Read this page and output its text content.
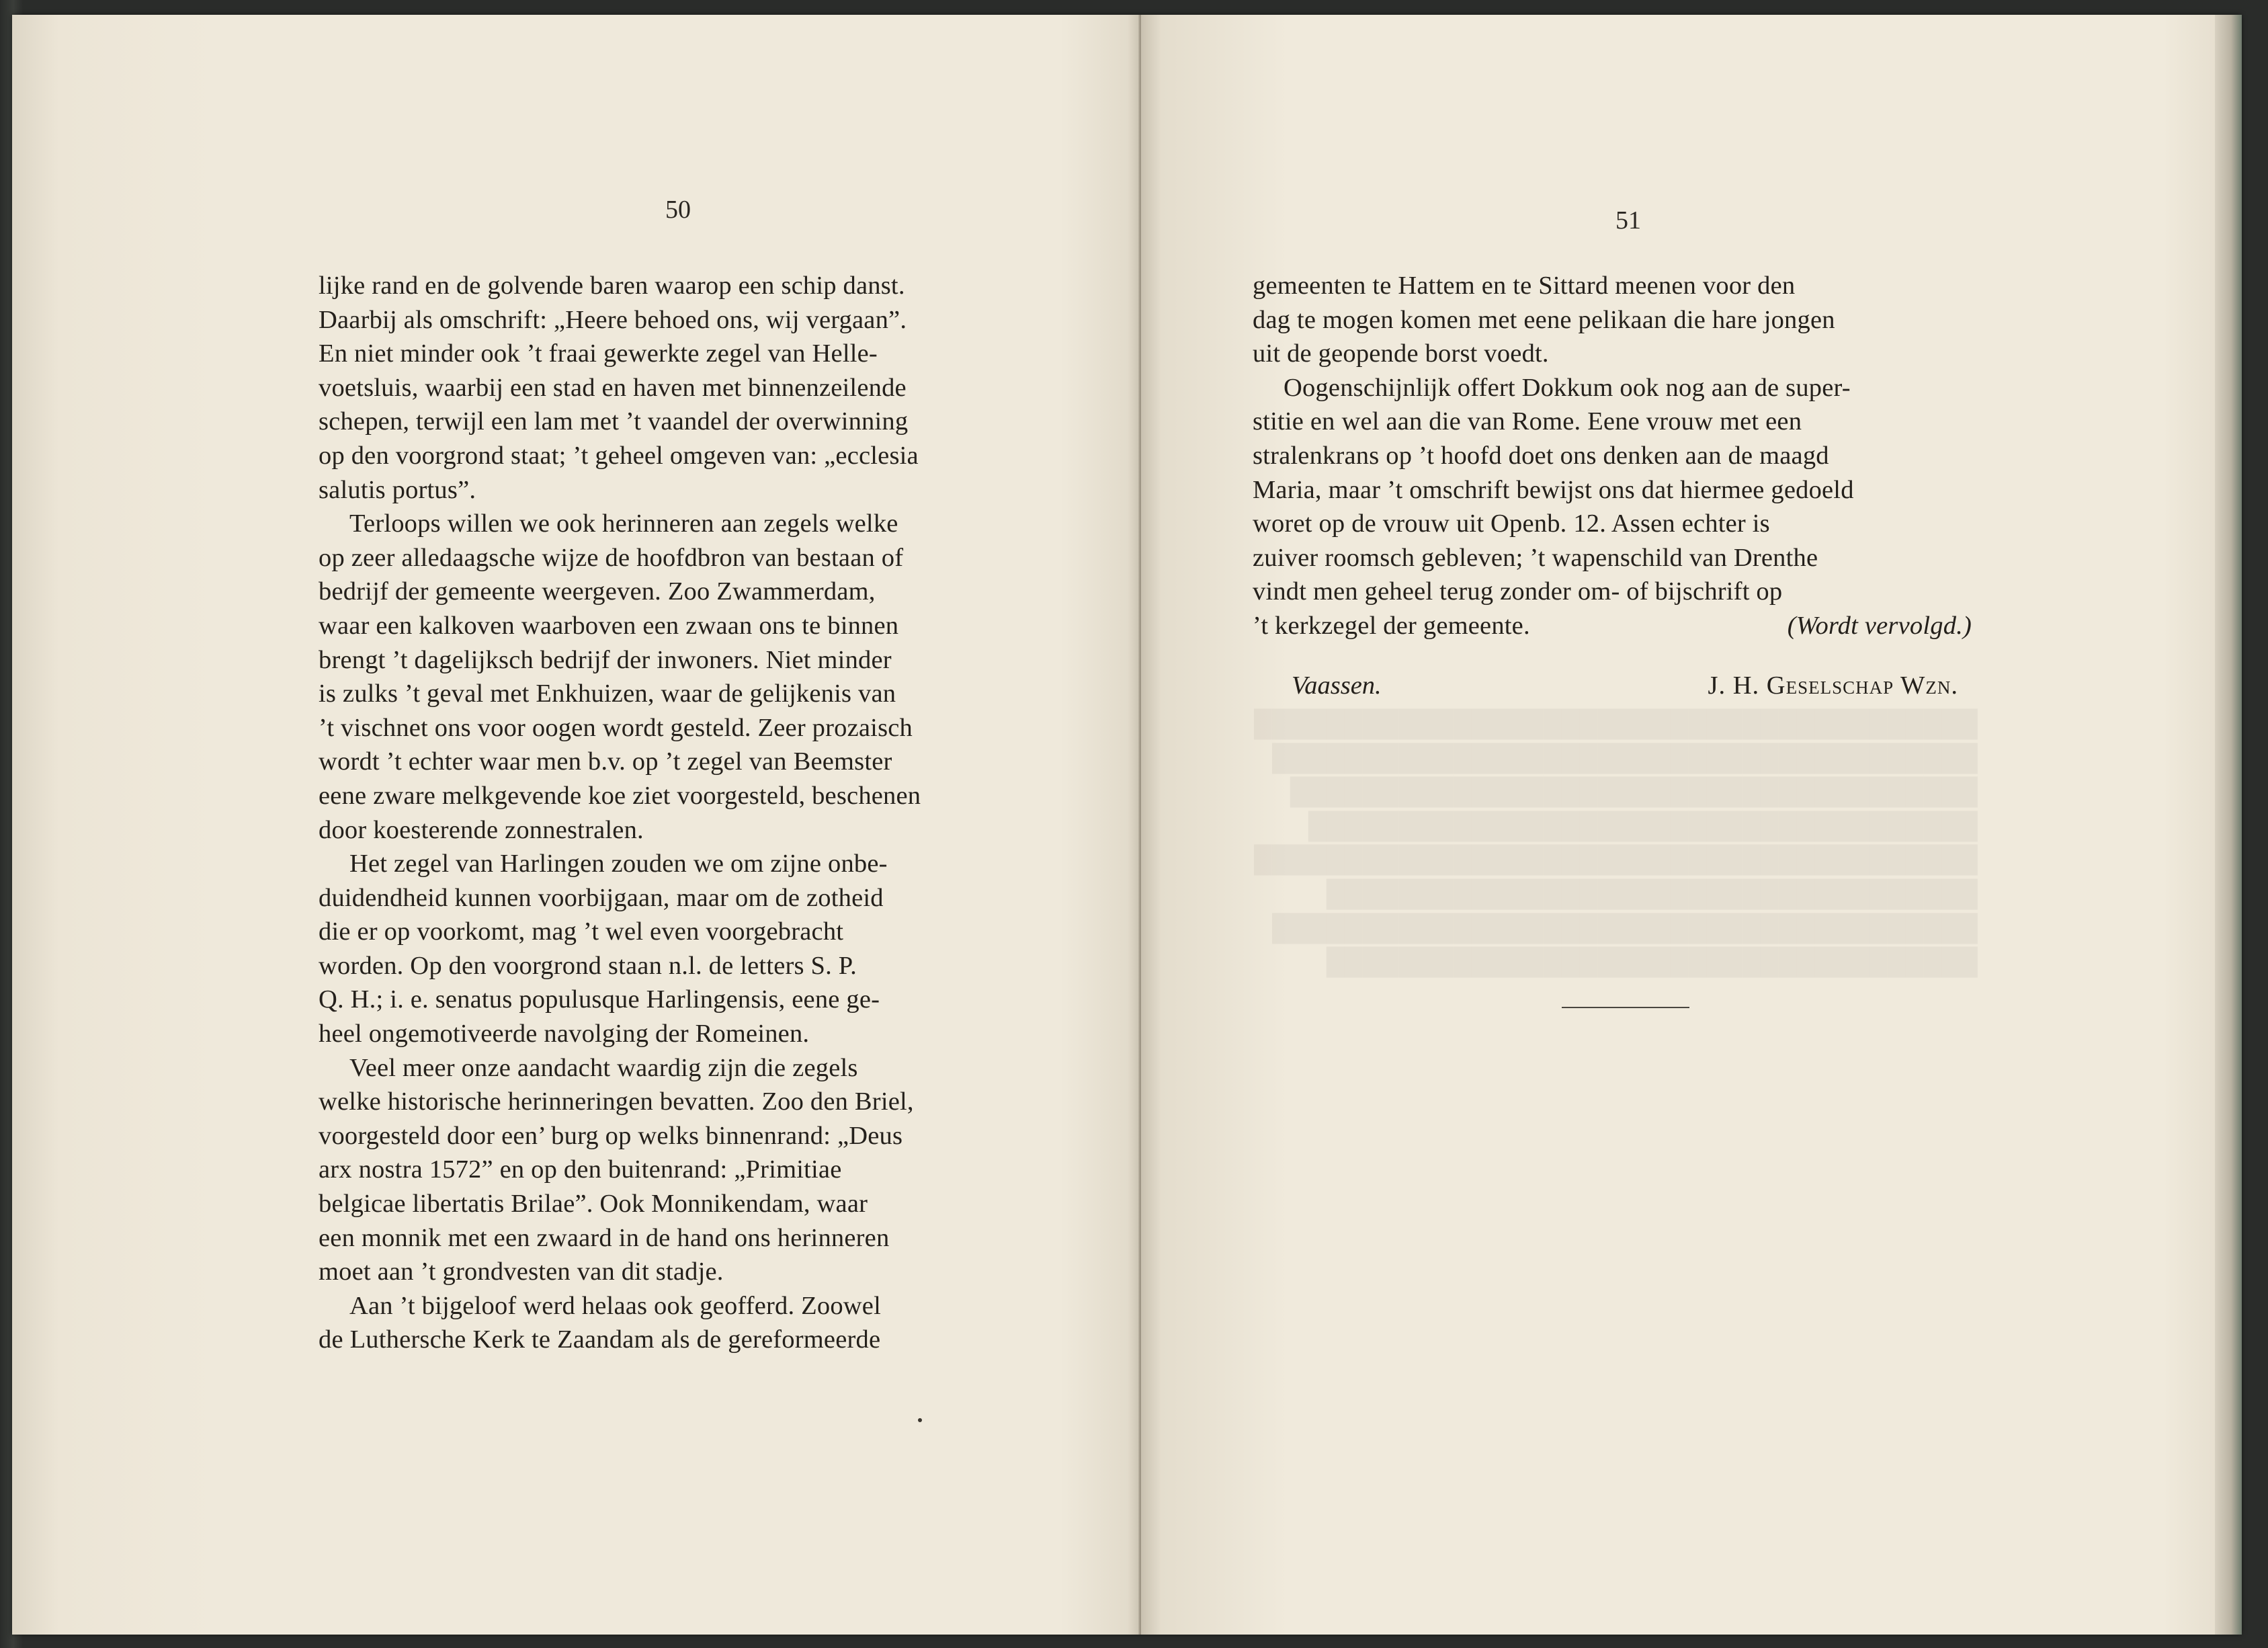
50

lijke rand en de golvende baren waarop een schip danst.

Daarbij als omschrift: „Heere behoed ons, wij vergaan”.

En niet minder ook ’t fraai gewerkte zegel van Helle-

voetsluis, waarbij een stad en haven met binnenzeilende

schepen, terwijl een lam met ’t vaandel der overwinning

op den voorgrond staat; ’t geheel omgeven van: „ecclesia

salutis portus”.

Terloops willen we ook herinneren aan zegels welke

op zeer alledaagsche wijze de hoofdbron van bestaan of

bedrijf der gemeente weergeven. Zoo Zwammerdam,

waar een kalkoven waarboven een zwaan ons te binnen

brengt ’t dagelijksch bedrijf der inwoners. Niet minder

is zulks ’t geval met Enkhuizen, waar de gelijkenis van

’t vischnet ons voor oogen wordt gesteld. Zeer prozaisch

wordt ’t echter waar men b.v. op ’t zegel van Beemster

eene zware melkgevende koe ziet voorgesteld, beschenen

door koesterende zonnestralen.

Het zegel van Harlingen zouden we om zijne onbe-

duidendheid kunnen voorbijgaan, maar om de zotheid

die er op voorkomt, mag ’t wel even voorgebracht

worden. Op den voorgrond staan n.l. de letters S. P.

Q. H.; i. e. senatus populusque Harlingensis, eene ge-

heel ongemotiveerde navolging der Romeinen.

Veel meer onze aandacht waardig zijn die zegels

welke historische herinneringen bevatten. Zoo den Briel,

voorgesteld door een’ burg op welks binnenrand: „Deus

arx nostra 1572” en op den buitenrand: „Primitiae

belgicae libertatis Brilae”. Ook Monnikendam, waar

een monnik met een zwaard in de hand ons herinneren

moet aan ’t grondvesten van dit stadje.

Aan ’t bijgeloof werd helaas ook geofferd. Zoowel

de Luthersche Kerk te Zaandam als de gereformeerde

51

gemeenten te Hattem en te Sittard meenen voor den

dag te mogen komen met eene pelikaan die hare jongen

uit de geopende borst voedt.

Oogenschijnlijk offert Dokkum ook nog aan de super-

stitie en wel aan die van Rome. Eene vrouw met een

stralenkrans op ’t hoofd doet ons denken aan de maagd

Maria, maar ’t omschrift bewijst ons dat hiermee gedoeld

woret op de vrouw uit Openb. 12. Assen echter is

zuiver roomsch gebleven; ’t wapenschild van Drenthe

vindt men geheel terug zonder om- of bijschrift op

’t kerkzegel der gemeente.	(Wordt vervolgd.)

Vaassen.	J. H. Geselschap Wzn.
████████████████████████████████████████
███████████████████████████████████████
██████████████████████████████████████
█████████████████████████████████████
████████████████████████████████████████
████████████████████████████████████
███████████████████████████████████████
████████████████████████████████████
